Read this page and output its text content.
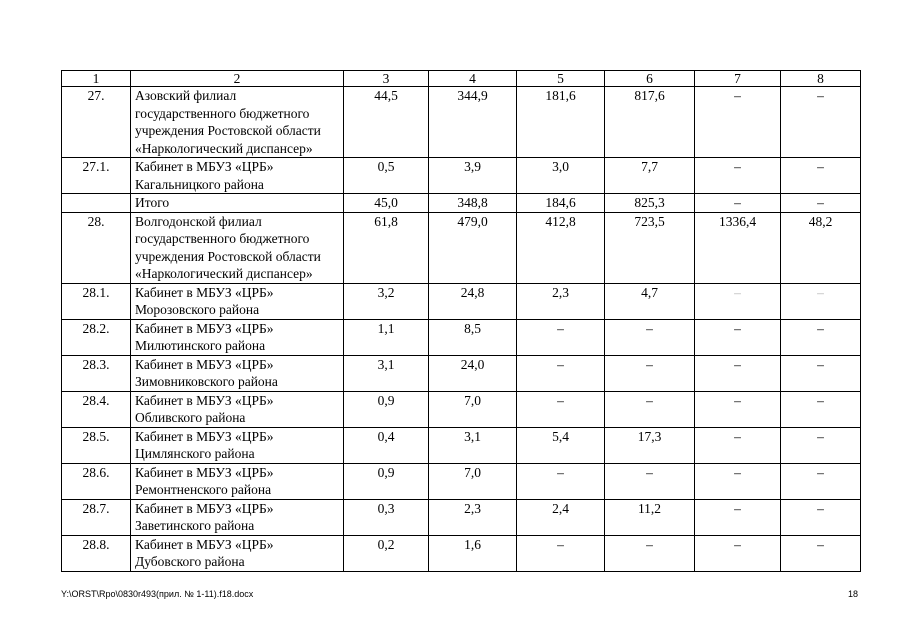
1	2	3	4	5	6	7	8
27.	Азовский филиал
государственного бюджетного
учреждения Ростовской области
«Наркологический диспансер»	44,5	344,9	181,6	817,6	–	–
27.1.	Кабинет в МБУЗ «ЦРБ»
Кагальницкого района	0,5	3,9	3,0	7,7	–	–
	Итого	45,0	348,8	184,6	825,3	–	–
28.	Волгодонской филиал
государственного бюджетного
учреждения Ростовской области
«Наркологический диспансер»	61,8	479,0	412,8	723,5	1336,4	48,2
28.1.	Кабинет в МБУЗ «ЦРБ»
Морозовского района	3,2	24,8	2,3	4,7	–	–
28.2.	Кабинет в МБУЗ «ЦРБ»
Милютинского района	1,1	8,5	–	–	–	–
28.3.	Кабинет в МБУЗ «ЦРБ»
Зимовниковского района	3,1	24,0	–	–	–	–
28.4.	Кабинет в МБУЗ «ЦРБ»
Обливского района	0,9	7,0	–	–	–	–
28.5.	Кабинет в МБУЗ «ЦРБ»
Цимлянского района	0,4	3,1	5,4	17,3	–	–
28.6.	Кабинет в МБУЗ «ЦРБ»
Ремонтненского района	0,9	7,0	–	–	–	–
28.7.	Кабинет в МБУЗ «ЦРБ»
Заветинского района	0,3	2,3	2,4	11,2	–	–
28.8.	Кабинет в МБУЗ «ЦРБ»
Дубовского района	0,2	1,6	–	–	–	–
Y:\ORST\Rpo\0830r493(прил. № 1-11).f18.docx	18
